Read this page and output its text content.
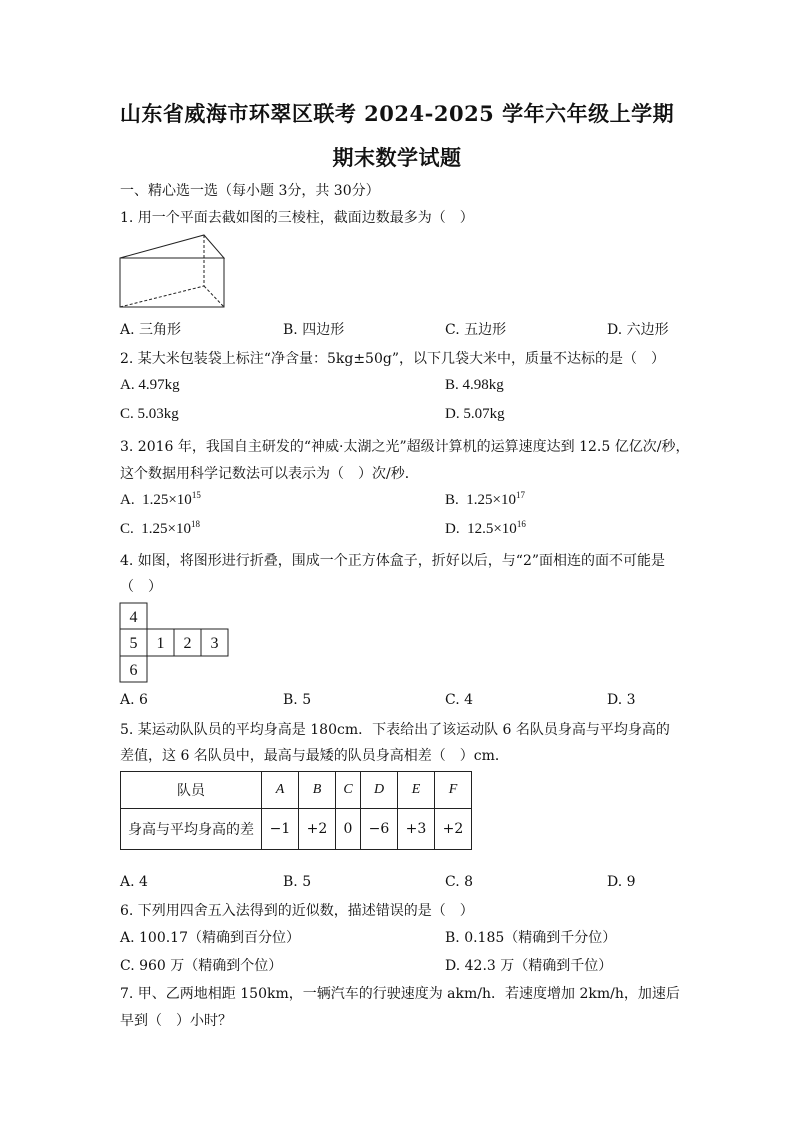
山东省威海市环翠区联考 2024-2025 学年六年级上学期
期末数学试题
一、精心选一选（每小题 3分，共 30分）
1. 用一个平面去截如图的三棱柱，截面边数最多为（　）
A. 三角形	B. 四边形	C. 五边形	D. 六边形
2. 某大米包装袋上标注“净含量：5kg±50g”，以下几袋大米中，质量不达标的是（　）
A. 4.97kg	B. 4.98kg
C. 5.03kg	D. 5.07kg
3. 2016 年，我国自主研发的“神威·太湖之光”超级计算机的运算速度达到 12.5 亿亿次/秒，
这个数据用科学记数法可以表示为（　）次/秒．
A. $1.25\times 10^{15}$	B. $1.25\times 10^{17}$
C. $1.25\times 10^{18}$	D. $12.5\times 10^{16}$
4. 如图，将图形进行折叠，围成一个正方体盒子，折好以后，与“2”面相连的面不可能是
（　）
4
5 1 2 3
6
A. 6	B. 5	C. 4	D. 3
5. 某运动队队员的平均身高是 180cm．下表给出了该运动队 6 名队员身高与平均身高的
差值，这 6 名队员中，最高与最矮的队员身高相差（　）cm．
队员	A	B	C	D	E	F
身高与平均身高的差	−1	+2	0	−6	+3	+2
A. 4	B. 5	C. 8	D. 9
6. 下列用四舍五入法得到的近似数，描述错误的是（　）
A. 100.17（精确到百分位）	B. 0.185（精确到千分位）
C. 960 万（精确到个位）	D. 42.3 万（精确到千位）
7. 甲、乙两地相距 150km，一辆汽车的行驶速度为 akm/h．若速度增加 2km/h，加速后
早到（　）小时？
